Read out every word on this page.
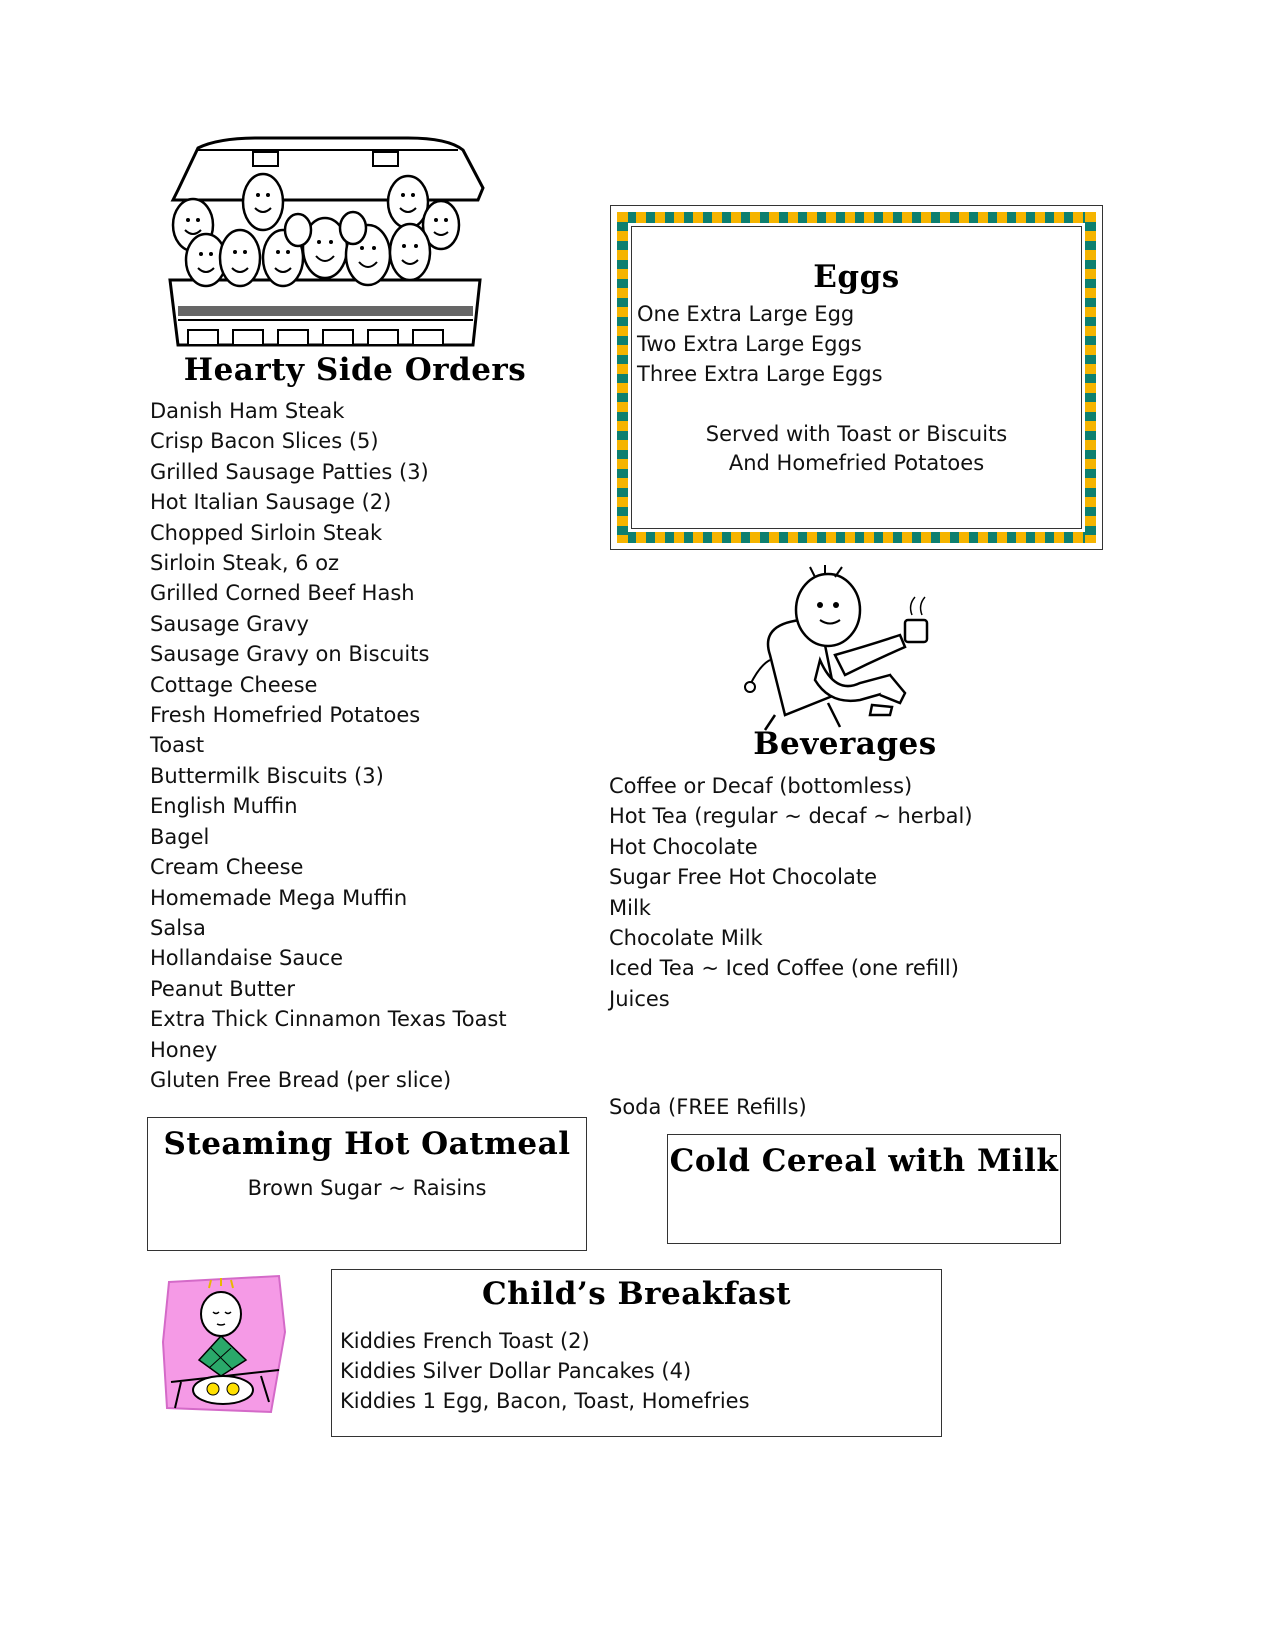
Hearty Side Orders
Danish Ham Steak
Crisp Bacon Slices (5)
Grilled Sausage Patties (3)
Hot Italian Sausage (2)
Chopped Sirloin Steak
Sirloin Steak, 6 oz
Grilled Corned Beef Hash
Sausage Gravy
Sausage Gravy on Biscuits
Cottage Cheese
Fresh Homefried Potatoes
Toast
Buttermilk Biscuits (3)
English Muffin
Bagel
Cream Cheese
Homemade Mega Muffin
Salsa
Hollandaise Sauce
Peanut Butter
Extra Thick Cinnamon Texas Toast
Honey
Gluten Free Bread (per slice)
Eggs
One Extra Large Egg
Two Extra Large Eggs
Three Extra Large Eggs
Served with Toast or Biscuits
And Homefried Potatoes
Beverages
Coffee or Decaf (bottomless)
Hot Tea (regular ~ decaf ~ herbal)
Hot Chocolate
Sugar Free Hot Chocolate
Milk
Chocolate Milk
Iced Tea ~ Iced Coffee (one refill)
Juices
Soda (FREE Refills)
Steaming Hot Oatmeal
Brown Sugar ~ Raisins
Cold Cereal with Milk
Child’s Breakfast
Kiddies French Toast (2)
Kiddies Silver Dollar Pancakes (4)
Kiddies 1 Egg, Bacon, Toast, Homefries
